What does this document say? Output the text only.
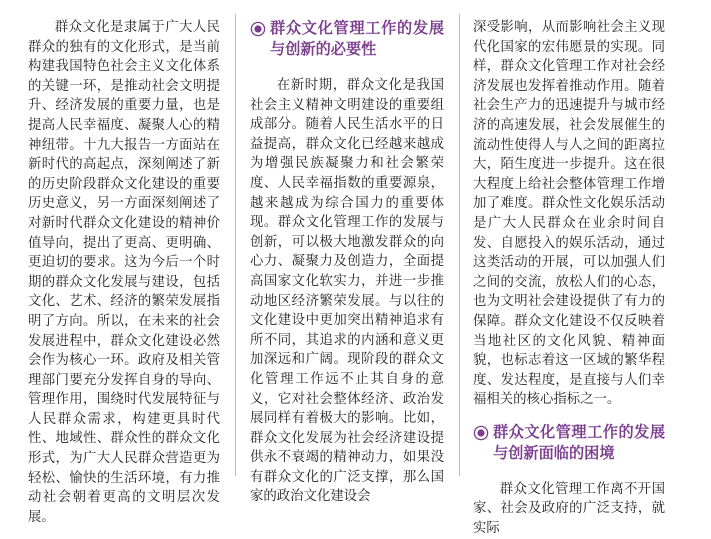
群众文化是隶属于广大人民群众的独有的文化形式，是当前构建我国特色社会主义文化体系的关键一环，是推动社会文明提升、经济发展的重要力量，也是提高人民幸福度、凝聚人心的精神纽带。十九大报告一方面站在新时代的高起点，深刻阐述了新的历史阶段群众文化建设的重要历史意义，另一方面深刻阐述了对新时代群众文化建设的精神价值导向，提出了更高、更明确、更迫切的要求。这为今后一个时期的群众文化发展与建设，包括文化、艺术、经济的繁荣发展指明了方向。所以，在未来的社会发展进程中，群众文化建设必然会作为核心一环。政府及相关管理部门要充分发挥自身的导向、管理作用，围绕时代发展特征与人民群众需求，构建更具时代性、地域性、群众性的群众文化形式，为广大人民群众营造更为轻松、愉快的生活环境，有力推动社会朝着更高的文明层次发展。

群众文化管理工作的发展与创新的必要性

在新时期，群众文化是我国社会主义精神文明建设的重要组成部分。随着人民生活水平的日益提高，群众文化已经越来越成为增强民族凝聚力和社会繁荣度、人民幸福指数的重要源泉，越来越成为综合国力的重要体现。群众文化管理工作的发展与创新，可以极大地激发群众的向心力、凝聚力及创造力，全面提高国家文化软实力，并进一步推动地区经济繁荣发展。与以往的文化建设中更加突出精神追求有所不同，其追求的内涵和意义更加深远和广阔。现阶段的群众文化管理工作远不止其自身的意义，它对社会整体经济、政治发展同样有着极大的影响。比如，群众文化发展为社会经济建设提供永不衰竭的精神动力，如果没有群众文化的广泛支撑，那么国家的政治文化建设会

深受影响，从而影响社会主义现代化国家的宏伟愿景的实现。同样，群众文化管理工作对社会经济发展也发挥着推动作用。随着社会生产力的迅速提升与城市经济的高速发展，社会发展催生的流动性使得人与人之间的距离拉大，陌生度进一步提升。这在很大程度上给社会整体管理工作增加了难度。群众性文化娱乐活动是广大人民群众在业余时间自发、自愿投入的娱乐活动，通过这类活动的开展，可以加强人们之间的交流，放松人们的心态，也为文明社会建设提供了有力的保障。群众文化建设不仅反映着当地社区的文化风貌、精神面貌，也标志着这一区域的繁华程度、发达程度，是直接与人们幸福相关的核心指标之一。

群众文化管理工作的发展与创新面临的困境

群众文化管理工作离不开国家、社会及政府的广泛支持，就实际
